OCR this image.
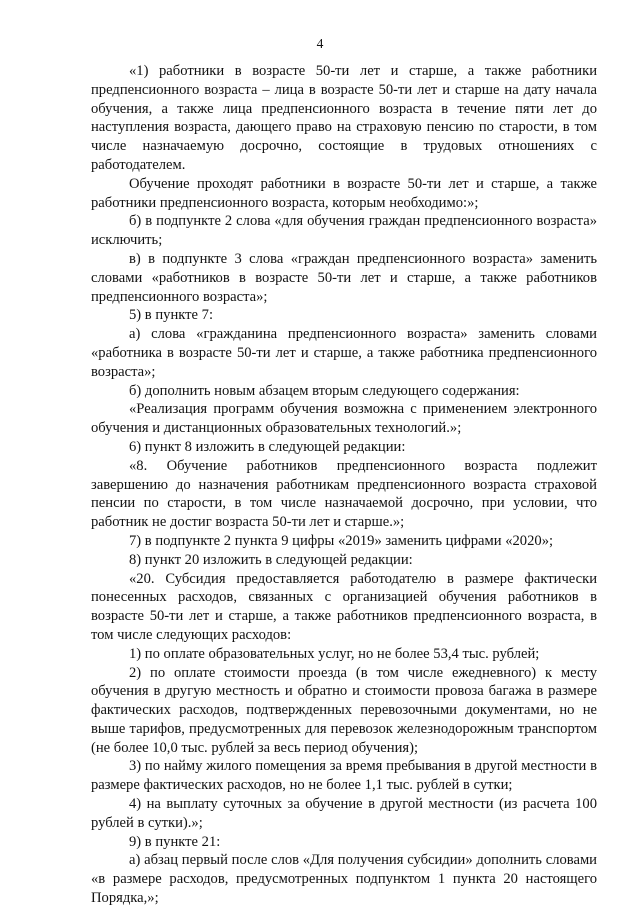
4

«1) работники в возрасте 50-ти лет и старше, а также работники предпенсионного возраста – лица в возрасте 50-ти лет и старше на дату начала обучения, а также лица предпенсионного возраста в течение пяти лет до наступления возраста, дающего право на страховую пенсию по старости, в том числе назначаемую досрочно, состоящие в трудовых отношениях с работодателем.

Обучение проходят работники в возрасте 50-ти лет и старше, а также работники предпенсионного возраста, которым необходимо:»;

б) в подпункте 2 слова «для обучения граждан предпенсионного возраста» исключить;

в) в подпункте 3 слова «граждан предпенсионного возраста» заменить словами «работников в возрасте 50-ти лет и старше, а также работников предпенсионного возраста»;

5) в пункте 7:

а) слова «гражданина предпенсионного возраста» заменить словами «работника в возрасте 50-ти лет и старше, а также работника предпенсионного возраста»;

б) дополнить новым абзацем вторым следующего содержания:

«Реализация программ обучения возможна с применением электронного обучения и дистанционных образовательных технологий.»;

6) пункт 8 изложить в следующей редакции:

«8. Обучение работников предпенсионного возраста подлежит завершению до назначения работникам предпенсионного возраста страховой пенсии по старости, в том числе назначаемой досрочно, при условии, что работник не достиг возраста 50-ти лет и старше.»;

7) в подпункте 2 пункта 9 цифры «2019» заменить цифрами «2020»;

8) пункт 20 изложить в следующей редакции:

«20. Субсидия предоставляется работодателю в размере фактически понесенных расходов, связанных с организацией обучения работников в возрасте 50-ти лет и старше, а также работников предпенсионного возраста, в том числе следующих расходов:

1) по оплате образовательных услуг, но не более 53,4 тыс. рублей;

2) по оплате стоимости проезда (в том числе ежедневного) к месту обучения в другую местность и обратно и стоимости провоза багажа в размере фактических расходов, подтвержденных перевозочными документами, но не выше тарифов, предусмотренных для перевозок железнодорожным транспортом (не более 10,0 тыс. рублей за весь период обучения);

3) по найму жилого помещения за время пребывания в другой местности в размере фактических расходов, но не более 1,1 тыс. рублей в сутки;

4) на выплату суточных за обучение в другой местности (из расчета 100 рублей в сутки).»;

9) в пункте 21:

а) абзац первый после слов «Для получения субсидии» дополнить словами «в размере расходов, предусмотренных подпунктом 1 пункта 20 настоящего Порядка,»;
